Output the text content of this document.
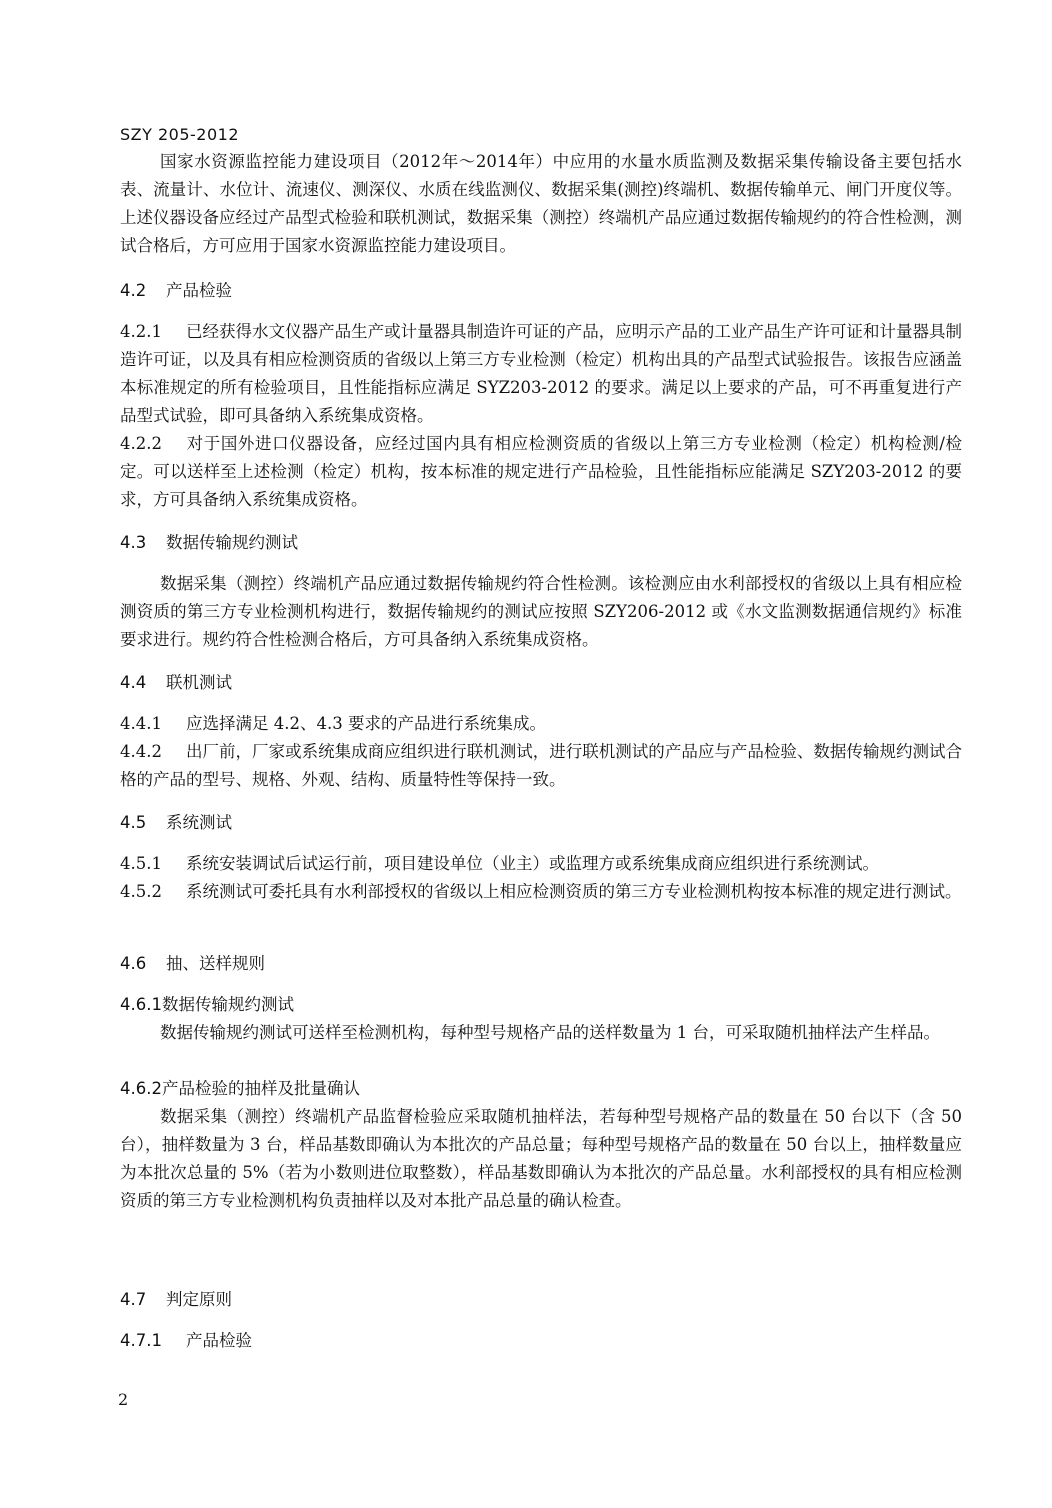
SZY 205-2012

国家水资源监控能力建设项目（2012年～2014年）中应用的水量水质监测及数据采集传输设备主要包括水表、流量计、水位计、流速仪、测深仪、水质在线监测仪、数据采集(测控)终端机、数据传输单元、闸门开度仪等。上述仪器设备应经过产品型式检验和联机测试，数据采集（测控）终端机产品应通过数据传输规约的符合性检测，测试合格后，方可应用于国家水资源监控能力建设项目。

4.2 产品检验

4.2.1 已经获得水文仪器产品生产或计量器具制造许可证的产品，应明示产品的工业产品生产许可证和计量器具制造许可证，以及具有相应检测资质的省级以上第三方专业检测（检定）机构出具的产品型式试验报告。该报告应涵盖本标准规定的所有检验项目，且性能指标应满足 SYZ203-2012 的要求。满足以上要求的产品，可不再重复进行产品型式试验，即可具备纳入系统集成资格。

4.2.2 对于国外进口仪器设备，应经过国内具有相应检测资质的省级以上第三方专业检测（检定）机构检测/检定。可以送样至上述检测（检定）机构，按本标准的规定进行产品检验，且性能指标应能满足 SZY203-2012 的要求，方可具备纳入系统集成资格。

4.3 数据传输规约测试

数据采集（测控）终端机产品应通过数据传输规约符合性检测。该检测应由水利部授权的省级以上具有相应检测资质的第三方专业检测机构进行，数据传输规约的测试应按照 SZY206-2012 或《水文监测数据通信规约》标准要求进行。规约符合性检测合格后，方可具备纳入系统集成资格。

4.4 联机测试

4.4.1 应选择满足 4.2、4.3 要求的产品进行系统集成。

4.4.2 出厂前，厂家或系统集成商应组织进行联机测试，进行联机测试的产品应与产品检验、数据传输规约测试合格的产品的型号、规格、外观、结构、质量特性等保持一致。

4.5 系统测试

4.5.1 系统安装调试后试运行前，项目建设单位（业主）或监理方或系统集成商应组织进行系统测试。

4.5.2 系统测试可委托具有水利部授权的省级以上相应检测资质的第三方专业检测机构按本标准的规定进行测试。

4.6 抽、送样规则
4.6.1数据传输规约测试

数据传输规约测试可送样至检测机构，每种型号规格产品的送样数量为 1 台，可采取随机抽样法产生样品。

4.6.2产品检验的抽样及批量确认

数据采集（测控）终端机产品监督检验应采取随机抽样法，若每种型号规格产品的数量在 50 台以下（含 50 台），抽样数量为 3 台，样品基数即确认为本批次的产品总量；每种型号规格产品的数量在 50 台以上，抽样数量应为本批次总量的 5%（若为小数则进位取整数），样品基数即确认为本批次的产品总量。水利部授权的具有相应检测资质的第三方专业检测机构负责抽样以及对本批产品总量的确认检查。

4.7 判定原则
4.7.1 产品检验
2
